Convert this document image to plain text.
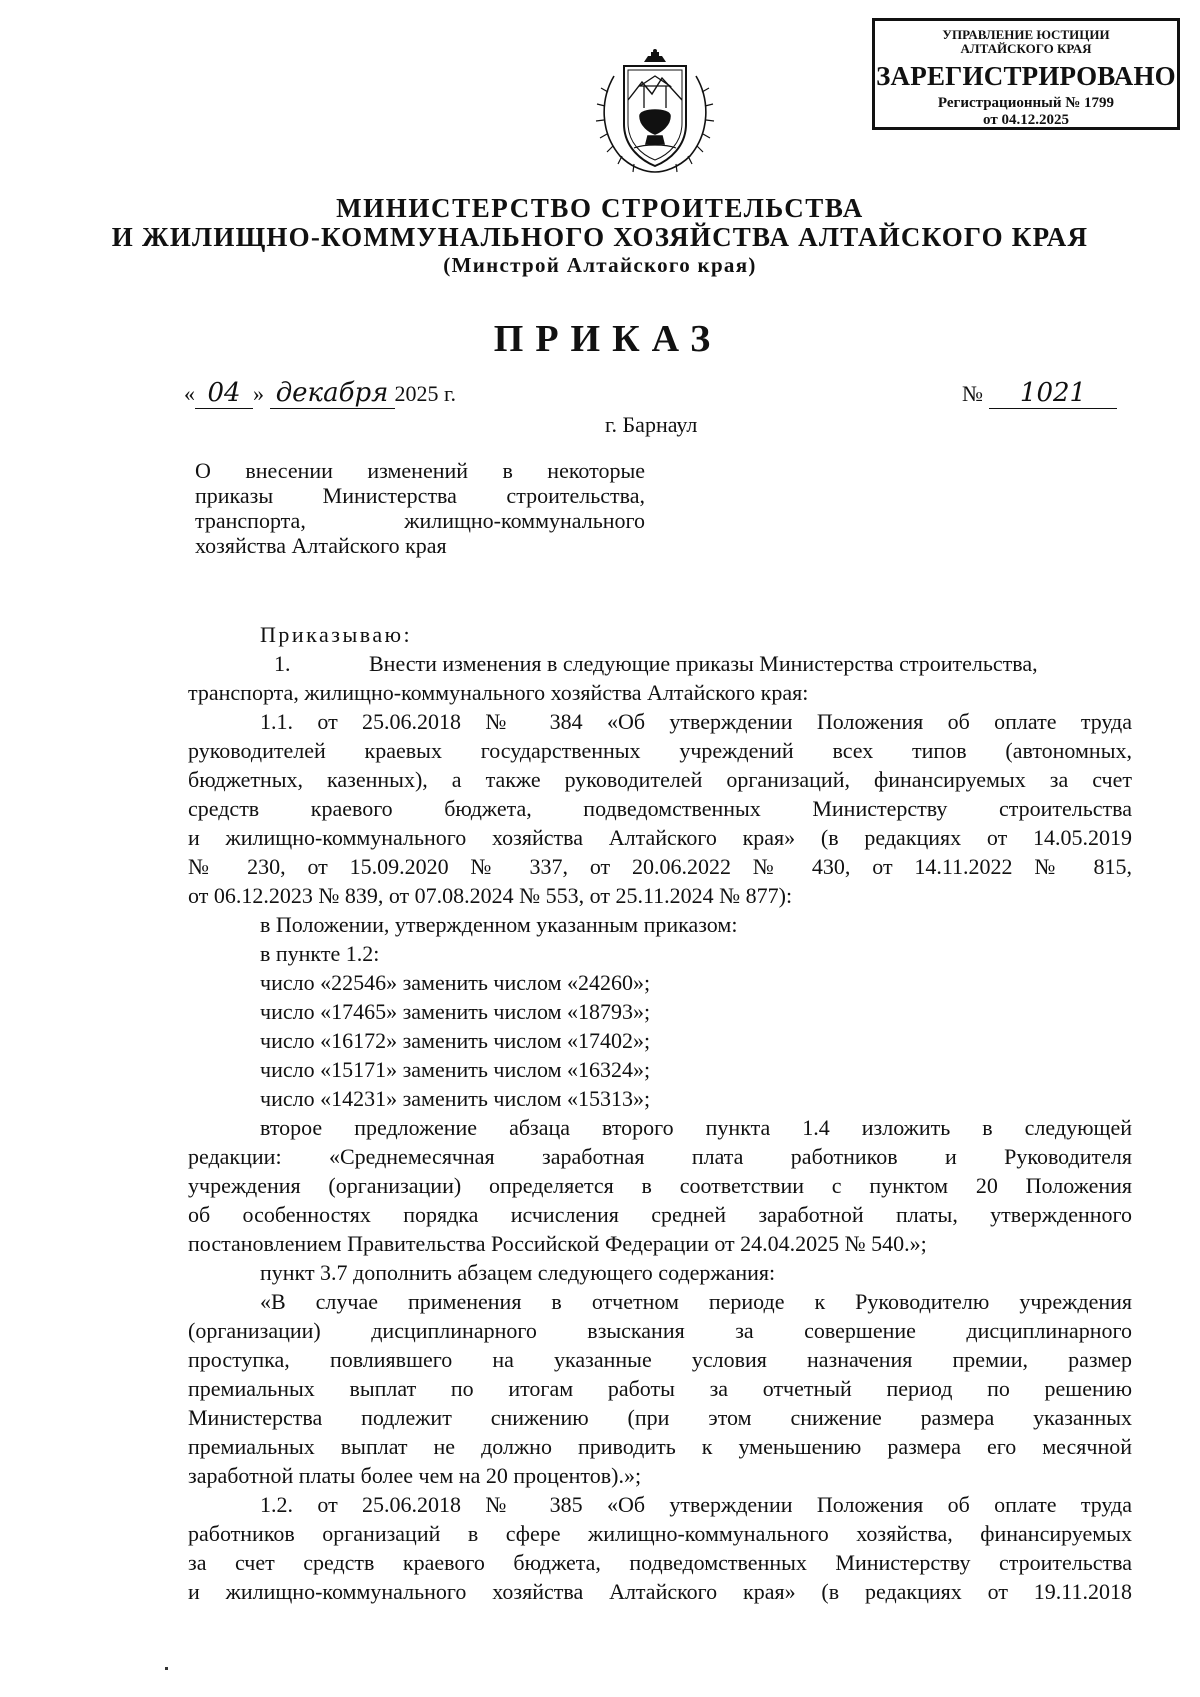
УПРАВЛЕНИЕ ЮСТИЦИИ
АЛТАЙСКОГО КРАЯ
ЗАРЕГИСТРИРОВАНО
Регистрационный № 1799
от 04.12.2025
МИНИСТЕРСТВО СТРОИТЕЛЬСТВА
И ЖИЛИЩНО-КОММУНАЛЬНОГО ХОЗЯЙСТВА АЛТАЙСКОГО КРАЯ
(Минстрой Алтайского края)
ПРИКАЗ
« 04 » декабря 2025 г.	№ 1021
г. Барнаул
О внесении изменений в некоторые
приказы Министерства строительства,
транспорта, жилищно-коммунального
хозяйства Алтайского края
Приказываю:
1.	Внести изменения в следующие приказы Министерства строительства,
транспорта, жилищно-коммунального хозяйства Алтайского края:
1.1. от 25.06.2018 № 384 «Об утверждении Положения об оплате труда
руководителей краевых государственных учреждений всех типов (автономных,
бюджетных, казенных), а также руководителей организаций, финансируемых за счет
средств краевого бюджета, подведомственных Министерству строительства
и жилищно-коммунального хозяйства Алтайского края» (в редакциях от 14.05.2019
№ 230, от 15.09.2020 № 337, от 20.06.2022 № 430, от 14.11.2022 № 815,
от 06.12.2023 № 839, от 07.08.2024 № 553, от 25.11.2024 № 877):
в Положении, утвержденном указанным приказом:
в пункте 1.2:
число «22546» заменить числом «24260»;
число «17465» заменить числом «18793»;
число «16172» заменить числом «17402»;
число «15171» заменить числом «16324»;
число «14231» заменить числом «15313»;
второе предложение абзаца второго пункта 1.4 изложить в следующей
редакции: «Среднемесячная заработная плата работников и Руководителя
учреждения (организации) определяется в соответствии с пунктом 20 Положения
об особенностях порядка исчисления средней заработной платы, утвержденного
постановлением Правительства Российской Федерации от 24.04.2025 № 540.»;
пункт 3.7 дополнить абзацем следующего содержания:
«В случае применения в отчетном периоде к Руководителю учреждения
(организации) дисциплинарного взыскания за совершение дисциплинарного
проступка, повлиявшего на указанные условия назначения премии, размер
премиальных выплат по итогам работы за отчетный период по решению
Министерства подлежит снижению (при этом снижение размера указанных
премиальных выплат не должно приводить к уменьшению размера его месячной
заработной платы более чем на 20 процентов).»;
1.2. от 25.06.2018 № 385 «Об утверждении Положения об оплате труда
работников организаций в сфере жилищно-коммунального хозяйства, финансируемых
за счет средств краевого бюджета, подведомственных Министерству строительства
и жилищно-коммунального хозяйства Алтайского края» (в редакциях от 19.11.2018
